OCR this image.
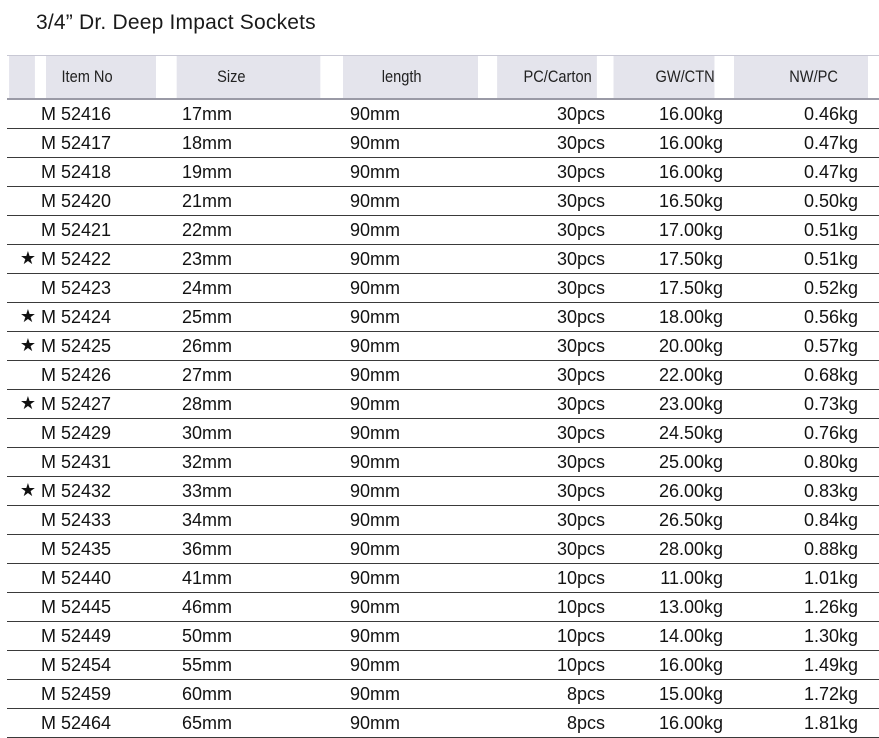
3/4” Dr. Deep Impact Sockets
	Item No	Size	length	PC/Carton	GW/CTN	NW/PC
	M 52416	17mm	90mm	30pcs	16.00kg	0.46kg
	M 52417	18mm	90mm	30pcs	16.00kg	0.47kg
	M 52418	19mm	90mm	30pcs	16.00kg	0.47kg
	M 52420	21mm	90mm	30pcs	16.50kg	0.50kg
	M 52421	22mm	90mm	30pcs	17.00kg	0.51kg
★	M 52422	23mm	90mm	30pcs	17.50kg	0.51kg
	M 52423	24mm	90mm	30pcs	17.50kg	0.52kg
★	M 52424	25mm	90mm	30pcs	18.00kg	0.56kg
★	M 52425	26mm	90mm	30pcs	20.00kg	0.57kg
	M 52426	27mm	90mm	30pcs	22.00kg	0.68kg
★	M 52427	28mm	90mm	30pcs	23.00kg	0.73kg
	M 52429	30mm	90mm	30pcs	24.50kg	0.76kg
	M 52431	32mm	90mm	30pcs	25.00kg	0.80kg
★	M 52432	33mm	90mm	30pcs	26.00kg	0.83kg
	M 52433	34mm	90mm	30pcs	26.50kg	0.84kg
	M 52435	36mm	90mm	30pcs	28.00kg	0.88kg
	M 52440	41mm	90mm	10pcs	11.00kg	1.01kg
	M 52445	46mm	90mm	10pcs	13.00kg	1.26kg
	M 52449	50mm	90mm	10pcs	14.00kg	1.30kg
	M 52454	55mm	90mm	10pcs	16.00kg	1.49kg
	M 52459	60mm	90mm	8pcs	15.00kg	1.72kg
	M 52464	65mm	90mm	8pcs	16.00kg	1.81kg
